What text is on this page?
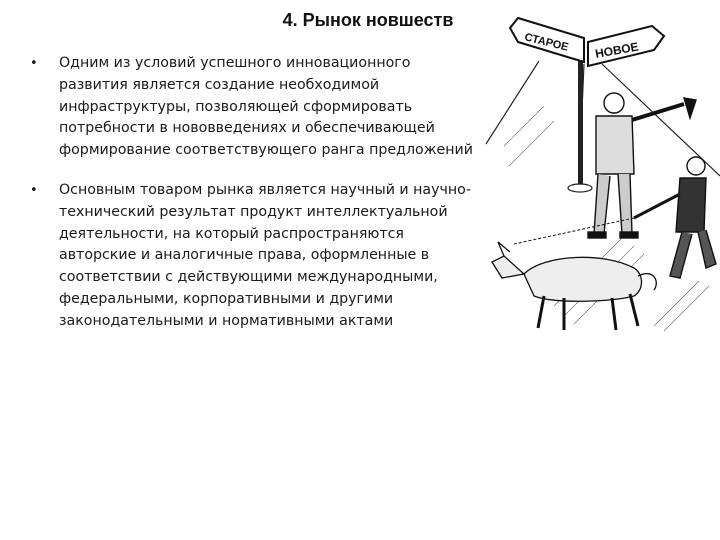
4. Рынок новшеств
• Одним из условий успешного инновационного развития является создание необходимой инфраструктуры, позволяющей сформировать потребности в нововведениях и обеспечивающей формирование соответствующего ранга предложений
• Основным товаром рынка является научный и научно-технический результат продукт интеллектуальной деятельности, на который распространяются авторские и аналогичные права, оформленные в соответствии с действующими международными, федеральными, корпоративными и другими законодательными и нормативными актами
СТАРОЕ НОВОЕ
